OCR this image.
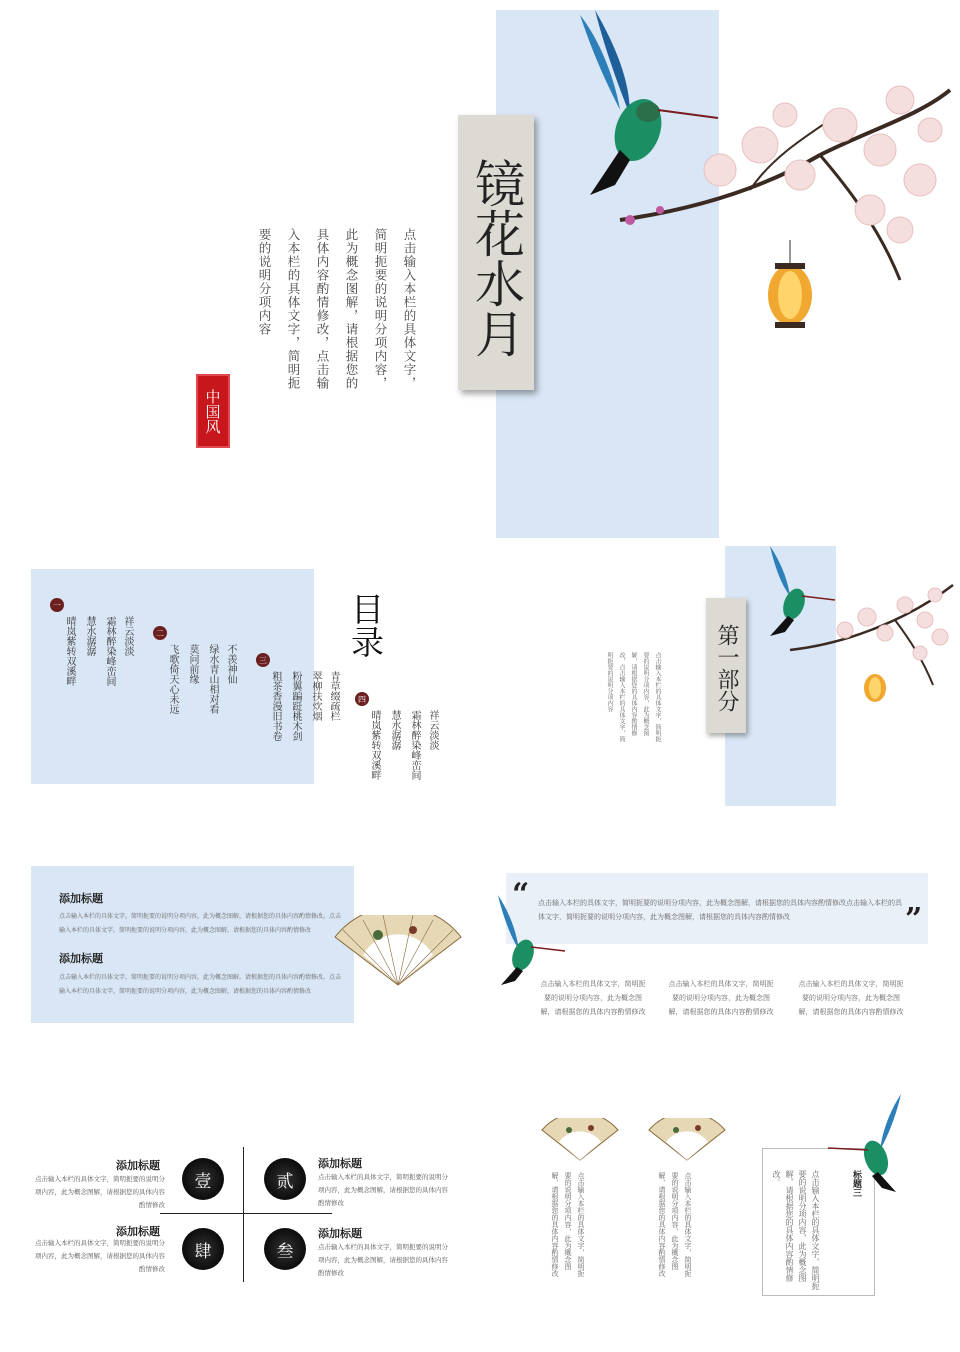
镜花水月
点击输入本栏的具体文字，简明扼要的说明分项内容，此为概念图解，请根据您的具体内容酌情修改，点击输入本栏的具体文字，简明扼要的说明分项内容
中国风
目录
一
晴岚紫转双溪畔 慧水潺潺 霜林醉染峰峦间 祥云淡淡	二
飞歌倚天心未远 莫问前缘 绿水青山相对看 不羡神仙	三
粗茶香漫旧书卷 粉翼蹁跹桃木剑 翠柳扶炊烟 青草缀疏栏	四
晴岚紫转双溪畔 慧水潺潺 霜林醉染峰峦间 祥云淡淡
第一部分
点击输入本栏的具体文字，简明扼要的说明分项内容，此为概念图解，请根据您的具体内容酌情修改，点击输入本栏的具体文字，简明扼要的说明分项内容
添加标题
点击输入本栏的具体文字，简明扼要的说明分项内容，此为概念图解，请根据您的具体内容酌情修改。点击输入本栏的具体文字，简明扼要的说明分项内容，此为概念图解，请根据您的具体内容酌情修改
添加标题
点击输入本栏的具体文字，简明扼要的说明分项内容，此为概念图解，请根据您的具体内容酌情修改。点击输入本栏的具体文字，简明扼要的说明分项内容，此为概念图解，请根据您的具体内容酌情修改
“ 点击输入本栏的具体文字，简明扼要的说明分项内容，此为概念图解，请根据您的具体内容酌情修改点击输入本栏的具体文字，简明扼要的说明分项内容，此为概念图解，请根据您的具体内容酌情修改	”
点击输入本栏的具体文字，简明扼要的说明分项内容，此为概念图解，请根据您的具体内容酌情修改
点击输入本栏的具体文字，简明扼要的说明分项内容，此为概念图解，请根据您的具体内容酌情修改
点击输入本栏的具体文字，简明扼要的说明分项内容，此为概念图解，请根据您的具体内容酌情修改
添加标题
点击输入本栏的具体文字，简明扼要的说明分项内容，此为概念图解，请根据您的具体内容酌情修改
壹	贰
添加标题
点击输入本栏的具体文字，简明扼要的说明分项内容，此为概念图解，请根据您的具体内容酌情修改
添加标题
点击输入本栏的具体文字，简明扼要的说明分项内容，此为概念图解，请根据您的具体内容酌情修改
肆	叁
添加标题
点击输入本栏的具体文字，简明扼要的说明分项内容，此为概念图解，请根据您的具体内容酌情修改	点击输入本栏的具体文字，简明扼要的说明分项内容，此为概念图解，请根据您的具体内容酌情修改	点击输入本栏的具体文字，简明扼要的说明分项内容，此为概念图解，请根据您的具体内容酌情修改	标题三
点击输入本栏的具体文字，简明扼要的说明分项内容，此为概念图解，请根据您的具体内容酌情修改。
